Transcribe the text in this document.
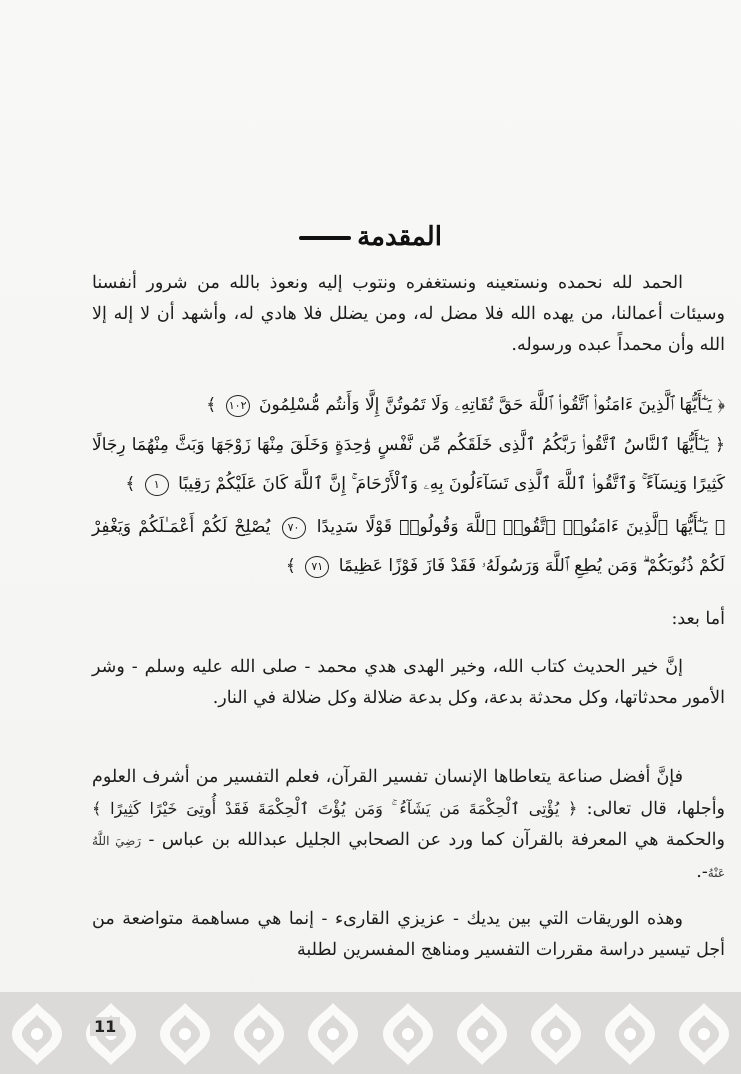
المقدمة

الحمد لله نحمده ونستعينه ونستغفره ونتوب إليه ونعوذ بالله من شرور أنفسنا وسيئات أعمالنا، من يهده الله فلا مضل له، ومن يضلل فلا هادي له، وأشهد أن لا إله إلا الله وأن محمداً عبده ورسوله.

﴿ يَـٰٓأَيُّهَا ٱلَّذِينَ ءَامَنُوا۟ ٱتَّقُوا۟ ٱللَّهَ حَقَّ تُقَاتِهِۦ وَلَا تَمُوتُنَّ إِلَّا وَأَنتُم مُّسْلِمُونَ ١٠٢ ﴾
﴿ يَـٰٓأَيُّهَا ٱلنَّاسُ ٱتَّقُوا۟ رَبَّكُمُ ٱلَّذِى خَلَقَكُم مِّن نَّفْسٍ وَٰحِدَةٍ وَخَلَقَ مِنْهَا زَوْجَهَا وَبَثَّ مِنْهُمَا رِجَالًا كَثِيرًا وَنِسَآءً ۚ وَٱتَّقُوا۟ ٱللَّهَ ٱلَّذِى تَسَآءَلُونَ بِهِۦ وَٱلْأَرْحَامَ ۚ إِنَّ ٱللَّهَ كَانَ عَلَيْكُمْ رَقِيبًا ١ ﴾
﴿ يَـٰٓأَيُّهَا ٱلَّذِينَ ءَامَنُوا۟ ٱتَّقُوا۟ ٱللَّهَ وَقُولُوا۟ قَوْلًا سَدِيدًا ٧٠ يُصْلِحْ لَكُمْ أَعْمَـٰلَكُمْ وَيَغْفِرْ لَكُمْ ذُنُوبَكُمْ ۗ وَمَن يُطِعِ ٱللَّهَ وَرَسُولَهُۥ فَقَدْ فَازَ فَوْزًا عَظِيمًا ٧١ ﴾

أما بعد:

إنَّ خير الحديث كتاب الله، وخير الهدى هدي محمد - صلى الله عليه وسلم - وشر الأمور محدثاتها، وكل محدثة بدعة، وكل بدعة ضلالة وكل ضلالة في النار.

فإنَّ أفضل صناعة يتعاطاها الإنسان تفسير القرآن، فعلم التفسير من أشرف العلوم وأجلها، قال تعالى: ﴿ يُؤْتِى ٱلْحِكْمَةَ مَن يَشَآءُ ۚ وَمَن يُؤْتَ ٱلْحِكْمَةَ فَقَدْ أُوتِىَ خَيْرًا كَثِيرًا ﴾ والحكمة هي المعرفة بالقرآن كما ورد عن الصحابي الجليل عبدالله بن عباس - رَضِيَ اللَّهُ عَنْهُ-.

وهذه الوريقات التي بين يديك - عزيزي القارىء - إنما هي مساهمة متواضعة من أجل تيسير دراسة مقررات التفسير ومناهج المفسرين لطلبة

11
